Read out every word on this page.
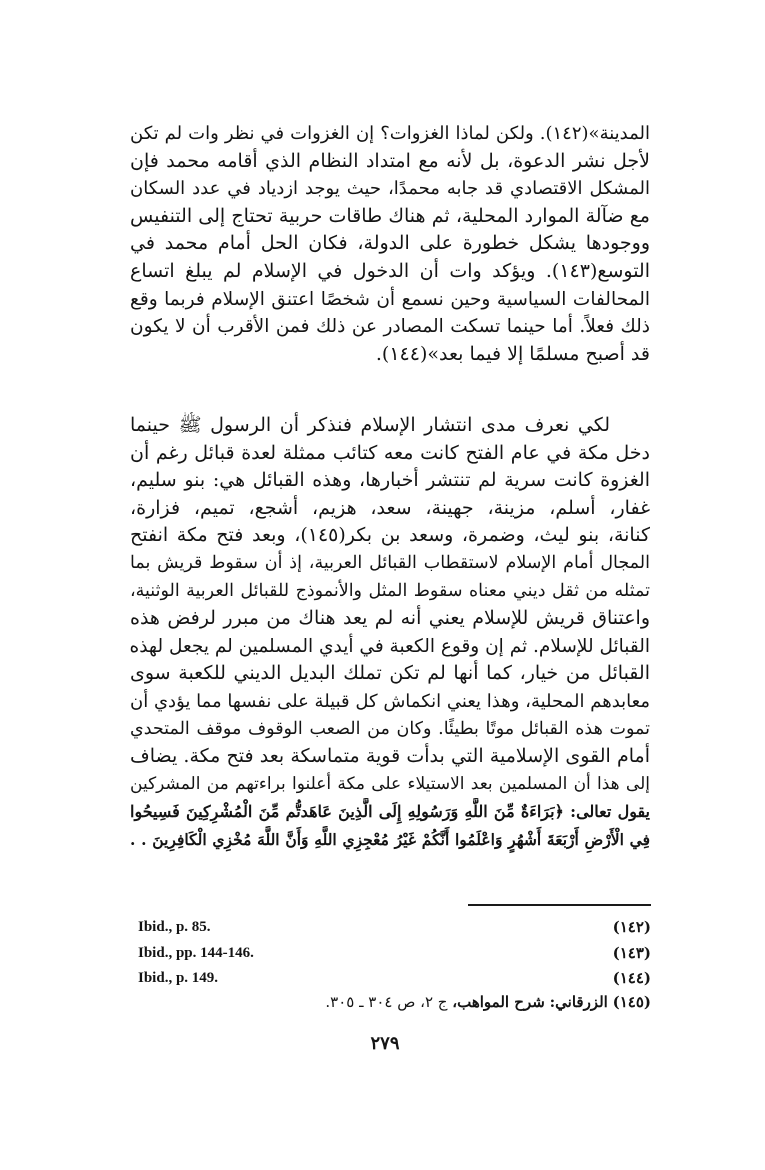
المدينة»(١٤٢). ولكن لماذا الغزوات؟ إن الغزوات في نظر وات لم تكن
لأجل نشر الدعوة، بل لأنه مع امتداد النظام الذي أقامه محمد فإن
المشكل الاقتصادي قد جابه محمدًا، حيث يوجد ازدياد في عدد السكان
مع ضآلة الموارد المحلية، ثم هناك طاقات حربية تحتاج إلى التنفيس
ووجودها يشكل خطورة على الدولة، فكان الحل أمام محمد في
التوسع(١٤٣). ويؤكد وات أن الدخول في الإسلام لم يبلغ اتساع
المحالفات السياسية وحين نسمع أن شخصًا اعتنق الإسلام فربما وقع
ذلك فعلاً. أما حينما تسكت المصادر عن ذلك فمن الأقرب أن لا يكون
قد أصبح مسلمًا إلا فيما بعد»(١٤٤).
لكي نعرف مدى انتشار الإسلام فنذكر أن الرسول ﷺ حينما
دخل مكة في عام الفتح كانت معه كتائب ممثلة لعدة قبائل رغم أن
الغزوة كانت سرية لم تنتشر أخبارها، وهذه القبائل هي: بنو سليم،
غفار، أسلم، مزينة، جهينة، سعد، هزيم، أشجع، تميم، فزارة،
كنانة، بنو ليث، وضمرة، وسعد بن بكر(١٤٥)، وبعد فتح مكة انفتح
المجال أمام الإسلام لاستقطاب القبائل العربية، إذ أن سقوط قريش بما
تمثله من ثقل ديني معناه سقوط المثل والأنموذج للقبائل العربية الوثنية،
واعتناق قريش للإسلام يعني أنه لم يعد هناك من مبرر لرفض هذه
القبائل للإسلام. ثم إن وقوع الكعبة في أيدي المسلمين لم يجعل لهذه
القبائل من خيار، كما أنها لم تكن تملك البديل الديني للكعبة سوى
معابدهم المحلية، وهذا يعني انكماش كل قبيلة على نفسها مما يؤدي أن
تموت هذه القبائل موتًا بطيئًا. وكان من الصعب الوقوف موقف المتحدي
أمام القوى الإسلامية التي بدأت قوية متماسكة بعد فتح مكة. يضاف
إلى هذا أن المسلمين بعد الاستيلاء على مكة أعلنوا براءتهم من المشركين
يقول تعالى: ﴿بَرَاءَةٌ مِّنَ اللَّهِ وَرَسُولِهِ إِلَى الَّذِينَ عَاهَدتُّم مِّنَ الْمُشْرِكِينَ فَسِيحُوا
فِي الْأَرْضِ أَرْبَعَةَ أَشْهُرٍ وَاعْلَمُوا أَنَّكُمْ غَيْرُ مُعْجِزِي اللَّهِ وَأَنَّ اللَّهَ مُخْزِي الْكَافِرِينَ . .
Ibid., p. 85.	(١٤٢)
Ibid., pp. 144-146.	(١٤٣)
Ibid., p. 149.	(١٤٤)
(١٤٥) الزرقاني: شرح المواهب، ج ٢، ص ٣٠٤ ـ ٣٠٥.
٢٧٩
